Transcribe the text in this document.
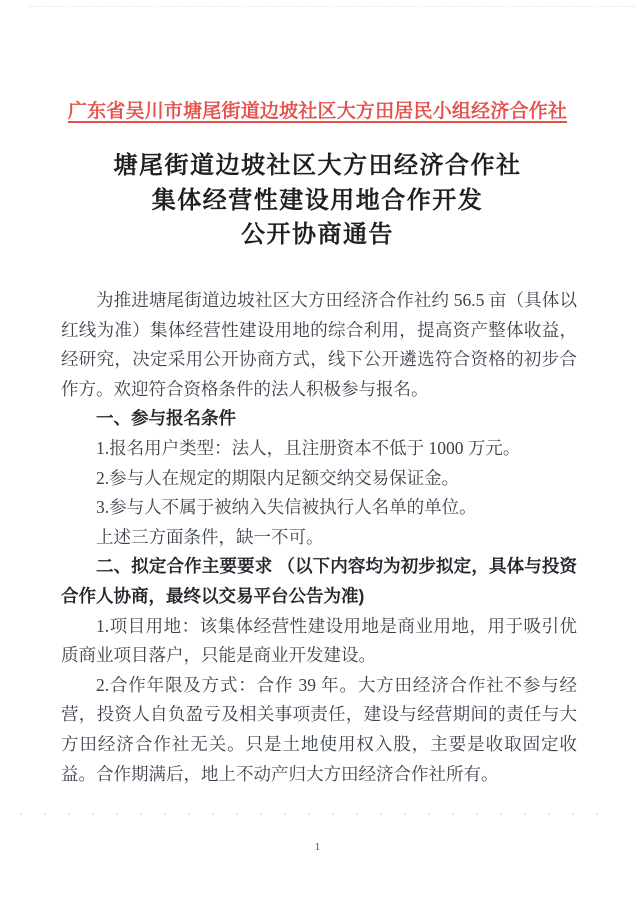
广东省吴川市塘尾街道边坡社区大方田居民小组经济合作社
塘尾街道边坡社区大方田经济合作社
集体经营性建设用地合作开发
公开协商通告

为推进塘尾街道边坡社区大方田经济合作社约 56.5 亩（具体以红线为准）集体经营性建设用地的综合利用，提高资产整体收益，经研究，决定采用公开协商方式，线下公开遴选符合资格的初步合作方。欢迎符合资格条件的法人积极参与报名。

一、参与报名条件

1.报名用户类型：法人，且注册资本不低于 1000 万元。

2.参与人在规定的期限内足额交纳交易保证金。

3.参与人不属于被纳入失信被执行人名单的单位。

上述三方面条件，缺一不可。

二、拟定合作主要要求 （以下内容均为初步拟定，具体与投资合作人协商，最终以交易平台公告为准)

1.项目用地：该集体经营性建设用地是商业用地，用于吸引优质商业项目落户，只能是商业开发建设。

2.合作年限及方式：合作 39 年。大方田经济合作社不参与经营，投资人自负盈亏及相关事项责任，建设与经营期间的责任与大方田经济合作社无关。只是土地使用权入股，主要是收取固定收益。合作期满后，地上不动产归大方田经济合作社所有。

1
